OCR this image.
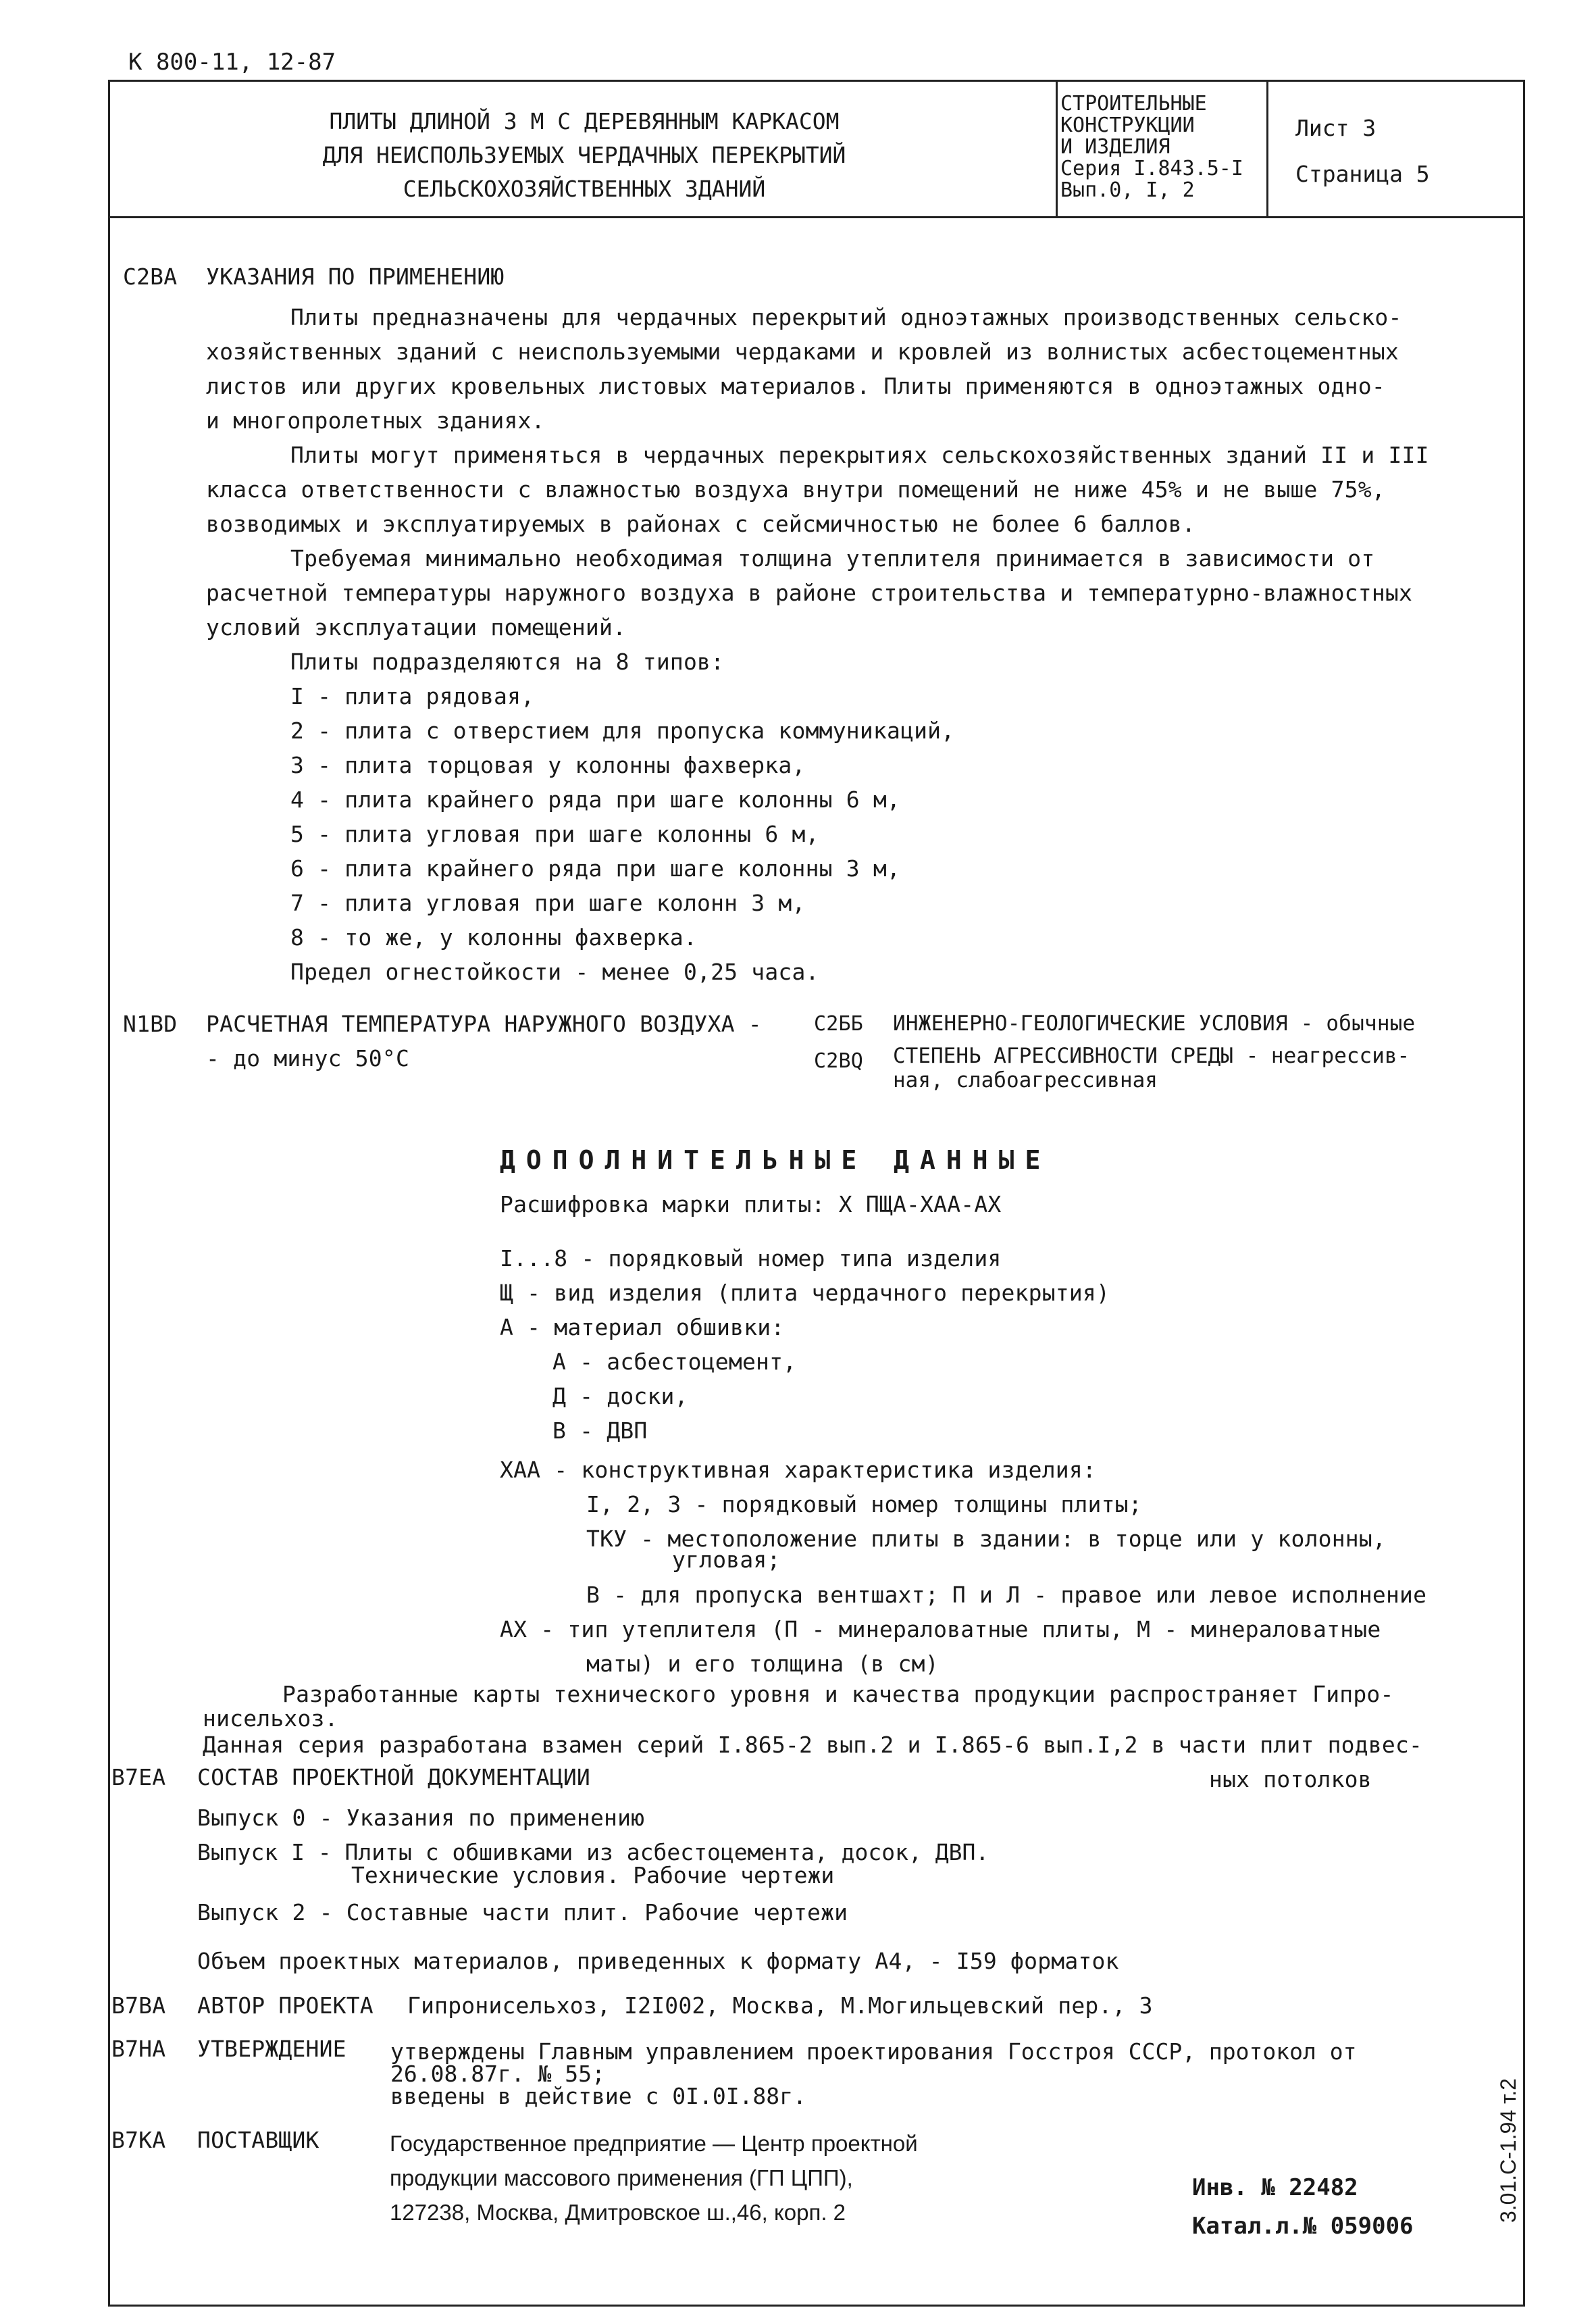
К 800-11, 12-87
ПЛИТЫ ДЛИНОЙ 3 М С ДЕРЕВЯННЫМ КАРКАСОМ
ДЛЯ НЕИСПОЛЬЗУЕМЫХ ЧЕРДАЧНЫХ ПЕРЕКРЫТИЙ
СЕЛЬСКОХОЗЯЙСТВЕННЫХ ЗДАНИЙ
СТРОИТЕЛЬНЫЕ
КОНСТРУКЦИИ
И ИЗДЕЛИЯ
Серия I.843.5-I
Вып.0, I, 2
Лист 3
Страница 5
С2ВА УКАЗАНИЯ ПО ПРИМЕНЕНИЮ
Плиты предназначены для чердачных перекрытий одноэтажных производственных сельско-
хозяйственных зданий с неиспользуемыми чердаками и кровлей из волнистых асбестоцементных
листов или других кровельных листовых материалов. Плиты применяются в одноэтажных одно-
и многопролетных зданиях.
Плиты могут применяться в чердачных перекрытиях сельскохозяйственных зданий II и III
класса ответственности с влажностью воздуха внутри помещений не ниже 45% и не выше 75%,
возводимых и эксплуатируемых в районах с сейсмичностью не более 6 баллов.
Требуемая минимально необходимая толщина утеплителя принимается в зависимости от
расчетной температуры наружного воздуха в районе строительства и температурно-влажностных
условий эксплуатации помещений.
Плиты подразделяются на 8 типов:
I - плита рядовая,
2 - плита с отверстием для пропуска коммуникаций,
3 - плита торцовая у колонны фахверка,
4 - плита крайнего ряда при шаге колонны 6 м,
5 - плита угловая при шаге колонны 6 м,
6 - плита крайнего ряда при шаге колонны 3 м,
7 - плита угловая при шаге колонн 3 м,
8 - то же, у колонны фахверка.
Предел огнестойкости - менее 0,25 часа.
N1BD РАСЧЕТНАЯ ТЕМПЕРАТУРА НАРУЖНОГО ВОЗДУХА -
- до минус 50°С
С2ББ ИНЖЕНЕРНО-ГЕОЛОГИЧЕСКИЕ УСЛОВИЯ - обычные
С2BQ СТЕПЕНЬ АГРЕССИВНОСТИ СРЕДЫ - неагрессив-
ная, слабоагрессивная
ДОПОЛНИТЕЛЬНЫЕ ДАННЫЕ
Расшифровка марки плиты: Х ПЩА-ХАА-АХ
I...8 - порядковый номер типа изделия
Щ - вид изделия (плита чердачного перекрытия)
А - материал обшивки:
А - асбестоцемент,
Д - доски,
В - ДВП
ХАА - конструктивная характеристика изделия:
I, 2, 3 - порядковый номер толщины плиты;
ТКУ - местоположение плиты в здании: в торце или у колонны,
угловая;
В - для пропуска вентшахт; П и Л - правое или левое исполнение
АХ - тип утеплителя (П - минераловатные плиты, М - минераловатные
маты) и его толщина (в см)
Разработанные карты технического уровня и качества продукции распространяет Гипро-
нисельхоз.
Данная серия разработана взамен серий I.865-2 вып.2 и I.865-6 вып.I,2 в части плит подвес-
В7ЕА СОСТАВ ПРОЕКТНОЙ ДОКУМЕНТАЦИИ	ных потолков
Выпуск 0 - Указания по применению
Выпуск I - Плиты с обшивками из асбестоцемента, досок, ДВП.
Технические условия. Рабочие чертежи
Выпуск 2 - Составные части плит. Рабочие чертежи
Объем проектных материалов, приведенных к формату А4, - I59 форматок
В7ВА АВТОР ПРОЕКТА Гипронисельхоз, I2I002, Москва, М.Могильцевский пер., 3
В7НА УТВЕРЖДЕНИЕ утверждены Главным управлением проектирования Госстроя СССР, протокол от
26.08.87г. № 55;
введены в действие с 0I.0I.88г.
В7КА ПОСТАВЩИК	Государственное предприятие — Центр проектной
продукции массового применения (ГП ЦПП),
127238, Москва, Дмитровское ш.,46, корп. 2
Инв. № 22482
Катал.л.№ 059006
3.01.С-1.94 т.2
